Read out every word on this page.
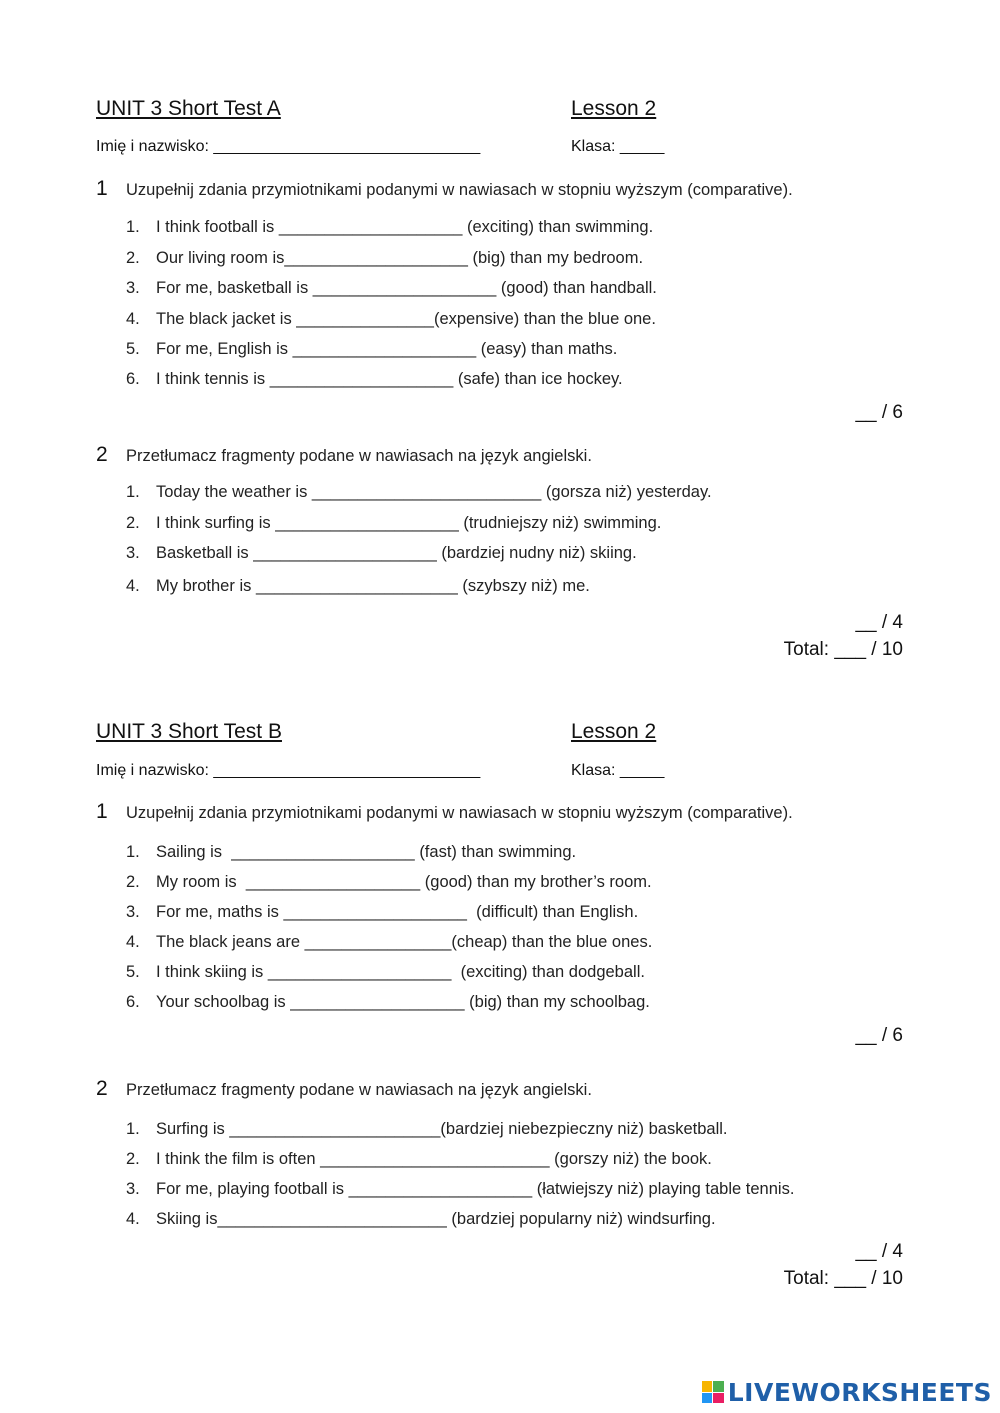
UNIT 3 Short Test A	Lesson 2
Imię i nazwisko: ______________________________	Klasa: _____
1 Uzupełnij zdania przymiotnikami podanymi w nawiasach w stopniu wyższym (comparative).
1. I think football is ____________________ (exciting) than swimming.
2. Our living room is____________________ (big) than my bedroom.
3. For me, basketball is ____________________ (good) than handball.
4. The black jacket is _______________(expensive) than the blue one.
5. For me, English is ____________________ (easy) than maths.
6. I think tennis is ____________________ (safe) than ice hockey.
__ / 6
2 Przetłumacz fragmenty podane w nawiasach na język angielski.
1. Today the weather is _________________________ (gorsza niż) yesterday.
2. I think surfing is ____________________ (trudniejszy niż) swimming.
3. Basketball is ____________________ (bardziej nudny niż) skiing.
4. My brother is ______________________ (szybszy niż) me.
__ / 4
Total: ___ / 10
UNIT 3 Short Test B	Lesson 2
Imię i nazwisko: ______________________________	Klasa: _____
1 Uzupełnij zdania przymiotnikami podanymi w nawiasach w stopniu wyższym (comparative).
1. Sailing is  ____________________ (fast) than swimming.
2. My room is  ___________________ (good) than my brother’s room.
3. For me, maths is ____________________  (difficult) than English.
4. The black jeans are ________________(cheap) than the blue ones.
5. I think skiing is ____________________  (exciting) than dodgeball.
6. Your schoolbag is ___________________ (big) than my schoolbag.
__ / 6
2 Przetłumacz fragmenty podane w nawiasach na język angielski.
1. Surfing is _______________________(bardziej niebezpieczny niż) basketball.
2. I think the film is often _________________________ (gorszy niż) the book.
3. For me, playing football is ____________________ (łatwiejszy niż) playing table tennis.
4. Skiing is_________________________ (bardziej popularny niż) windsurfing.
__ / 4
Total: ___ / 10
LIVEWORKSHEETS
